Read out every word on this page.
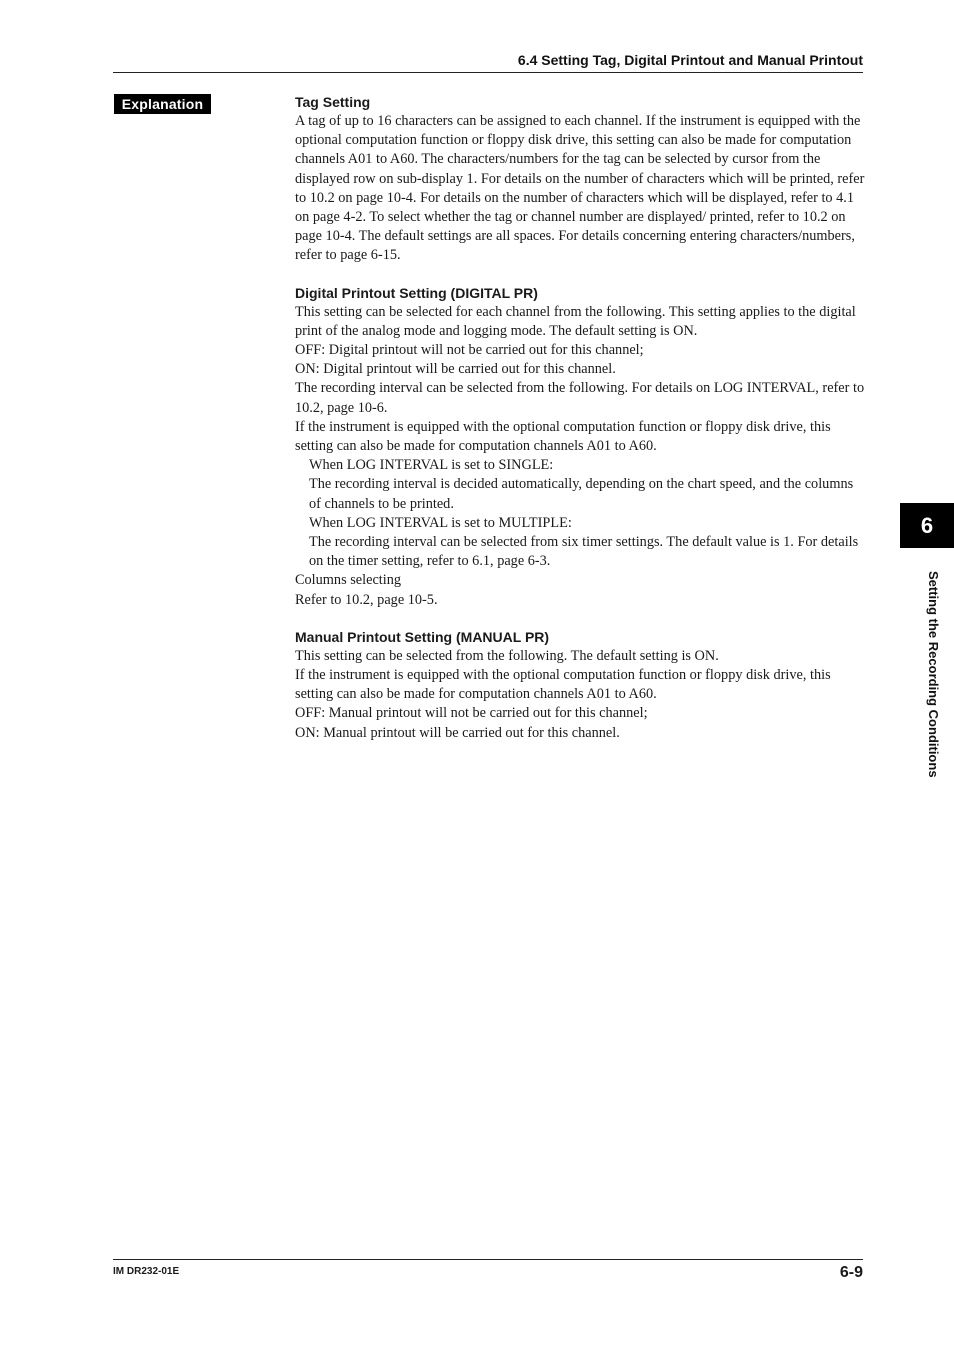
6.4 Setting Tag, Digital Printout and Manual Printout
Explanation	Tag Setting

A tag of up to 16 characters can be assigned to each channel. If the instrument is equipped with the optional computation function or floppy disk drive, this setting can also be made for computation channels A01 to A60. The characters/numbers for the tag can be selected by cursor from the displayed row on sub-display 1. For details on the number of characters which will be printed, refer to 10.2 on page 10-4. For details on the number of characters which will be displayed, refer to 4.1 on page 4-2. To select whether the tag or channel number are displayed/ printed, refer to 10.2 on page 10-4. The default settings are all spaces. For details concerning entering characters/numbers, refer to page 6-15.

Digital Printout Setting (DIGITAL PR)

This setting can be selected for each channel from the following. This setting applies to the digital print of the analog mode and logging mode. The default setting is ON.

OFF: Digital printout will not be carried out for this channel;

ON: Digital printout will be carried out for this channel.

The recording interval can be selected from the following. For details on LOG INTERVAL, refer to 10.2, page 10-6.

If the instrument is equipped with the optional computation function or floppy disk drive, this setting can also be made for computation channels A01 to A60.

When LOG INTERVAL is set to SINGLE:

The recording interval is decided automatically, depending on the chart speed, and the columns of channels to be printed.

When LOG INTERVAL is set to MULTIPLE:

The recording interval can be selected from six timer settings. The default value is 1. For details on the timer setting, refer to 6.1, page 6-3.

Columns selecting

Refer to 10.2, page 10-5.

Manual Printout Setting (MANUAL PR)

This setting can be selected from the following. The default setting is ON.

If the instrument is equipped with the optional computation function or floppy disk drive, this setting can also be made for computation channels A01 to A60.

OFF: Manual printout will not be carried out for this channel;

ON: Manual printout will be carried out for this channel.

6
Setting the Recording Conditions
IM DR232-01E	6-9
